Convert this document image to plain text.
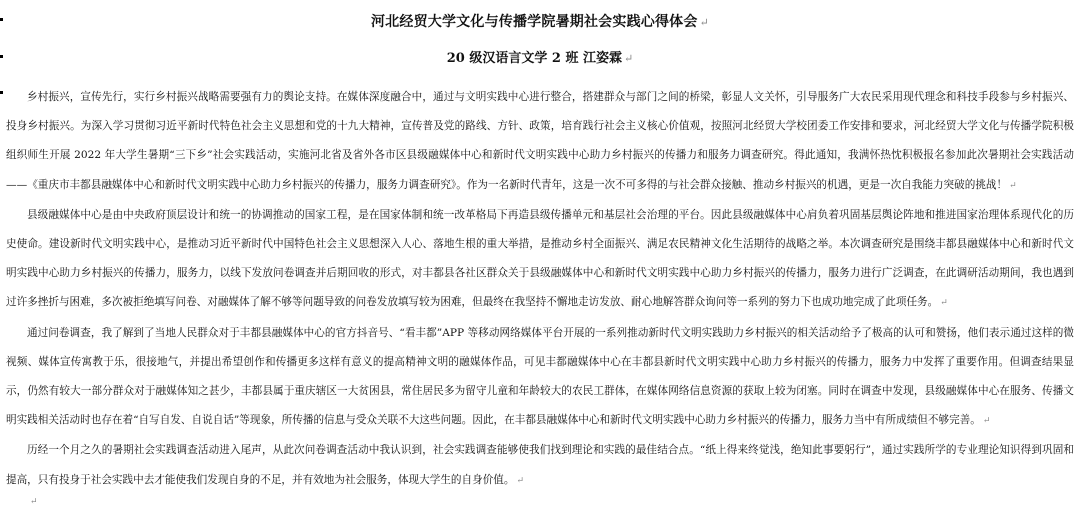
河北经贸大学文化与传播学院暑期社会实践心得体会 ↵
20 级汉语言文学 2 班 江姿霖 ↵

乡村振兴，宣传先行，实行乡村振兴战略需要强有力的舆论支持。在媒体深度融合中，通过与文明实践中心进行整合，搭建群众与部门之间的桥梁，彰显人文关怀，引导服务广大农民采用现代理念和科技手段参与乡村振兴、投身乡村振兴。为深入学习贯彻习近平新时代特色社会主义思想和党的十九大精神，宣传普及党的路线、方针、政策，培育践行社会主义核心价值观，按照河北经贸大学校团委工作安排和要求，河北经贸大学文化与传播学院积极组织师生开展 2022 年大学生暑期“三下乡”社会实践活动，实施河北省及省外各市区县级融媒体中心和新时代文明实践中心助力乡村振兴的传播力和服务力调查研究。得此通知，我满怀热忱积极报名参加此次暑期社会实践活动——《重庆市丰都县融媒体中心和新时代文明实践中心助力乡村振兴的传播力，服务力调查研究》。作为一名新时代青年，这是一次不可多得的与社会群众接触、推动乡村振兴的机遇，更是一次自我能力突破的挑战！ ↵

县级融媒体中心是由中央政府顶层设计和统一的协调推动的国家工程，是在国家体制和统一改革格局下再造县级传播单元和基层社会治理的平台。因此县级融媒体中心肩负着巩固基层舆论阵地和推进国家治理体系现代化的历史使命。建设新时代文明实践中心，是推动习近平新时代中国特色社会主义思想深入人心、落地生根的重大举措，是推动乡村全面振兴、满足农民精神文化生活期待的战略之举。本次调查研究是围绕丰都县融媒体中心和新时代文明实践中心助力乡村振兴的传播力，服务力，以线下发放问卷调查并后期回收的形式，对丰都县各社区群众关于县级融媒体中心和新时代文明实践中心助力乡村振兴的传播力，服务力进行广泛调查，在此调研活动期间，我也遇到过许多挫折与困难，多次被拒绝填写问卷、对融媒体了解不够等问题导致的问卷发放填写较为困难，但最终在我坚持不懈地走访发放、耐心地解答群众询问等一系列的努力下也成功地完成了此项任务。 ↵

通过问卷调查，我了解到了当地人民群众对于丰都县融媒体中心的官方抖音号、“看丰都”APP 等移动网络媒体平台开展的一系列推动新时代文明实践助力乡村振兴的相关活动给予了极高的认可和赞扬，他们表示通过这样的微视频、媒体宣传寓教于乐，很接地气，并提出希望创作和传播更多这样有意义的提高精神文明的融媒体作品，可见丰都融媒体中心在丰都县新时代文明实践中心助力乡村振兴的传播力，服务力中发挥了重要作用。但调查结果显示，仍然有较大一部分群众对于融媒体知之甚少，丰都县属于重庆辖区一大贫困县，常住居民多为留守儿童和年龄较大的农民工群体，在媒体网络信息资源的获取上较为闭塞。同时在调查中发现，县级融媒体中心在服务、传播文明实践相关活动时也存在着“自写自发、自说自话”等现象，所传播的信息与受众关联不大这些问题。因此，在丰都县融媒体中心和新时代文明实践中心助力乡村振兴的传播力，服务力当中有所成绩但不够完善。 ↵

历经一个月之久的暑期社会实践调查活动进入尾声，从此次问卷调查活动中我认识到，社会实践调查能够使我们找到理论和实践的最佳结合点。“纸上得来终觉浅，绝知此事要躬行”，通过实践所学的专业理论知识得到巩固和提高，只有投身于社会实践中去才能使我们发现自身的不足，并有效地为社会服务，体现大学生的自身价值。 ↵

↵
